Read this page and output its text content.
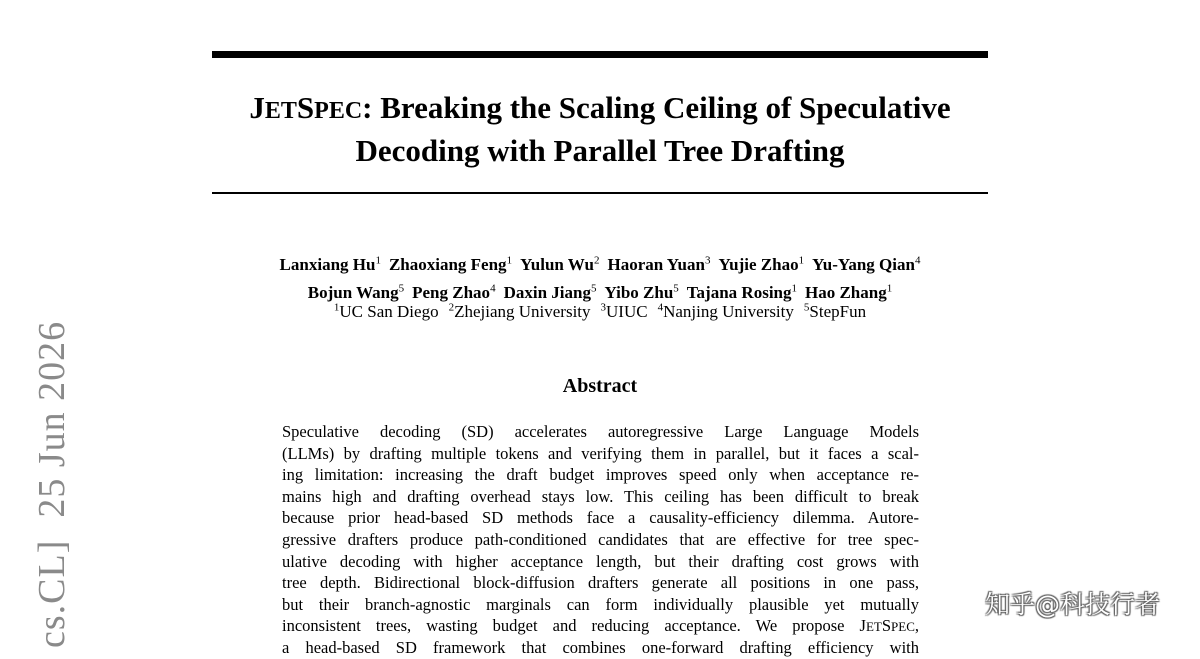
JETSPEC: Breaking the Scaling Ceiling of Speculative
Decoding with Parallel Tree Drafting
Lanxiang Hu$^1$ Zhaoxiang Feng$^1$ Yulun Wu$^2$ Haoran Yuan$^3$ Yujie Zhao$^1$ Yu-Yang Qian$^4$
Bojun Wang$^5$ Peng Zhao$^4$ Daxin Jiang$^5$ Yibo Zhu$^5$ Tajana Rosing$^1$ Hao Zhang$^1$
$^1$UC San Diego $^2$Zhejiang University $^3$UIUC $^4$Nanjing University $^5$StepFun
Abstract
Speculative decoding (SD) accelerates autoregressive Large Language Models
(LLMs) by drafting multiple tokens and verifying them in parallel, but it faces a scal-
ing limitation: increasing the draft budget improves speed only when acceptance re-
mains high and drafting overhead stays low. This ceiling has been difficult to break
because prior head-based SD methods face a causality-efficiency dilemma. Autore-
gressive drafters produce path-conditioned candidates that are effective for tree spec-
ulative decoding with higher acceptance length, but their drafting cost grows with
tree depth. Bidirectional block-diffusion drafters generate all positions in one pass,
but their branch-agnostic marginals can form individually plausible yet mutually
inconsistent trees, wasting budget and reducing acceptance. We propose JETSPEC,
a head-based SD framework that combines one-forward drafting efficiency with
cs.CL]25 Jun 2026
知乎@科技行者
